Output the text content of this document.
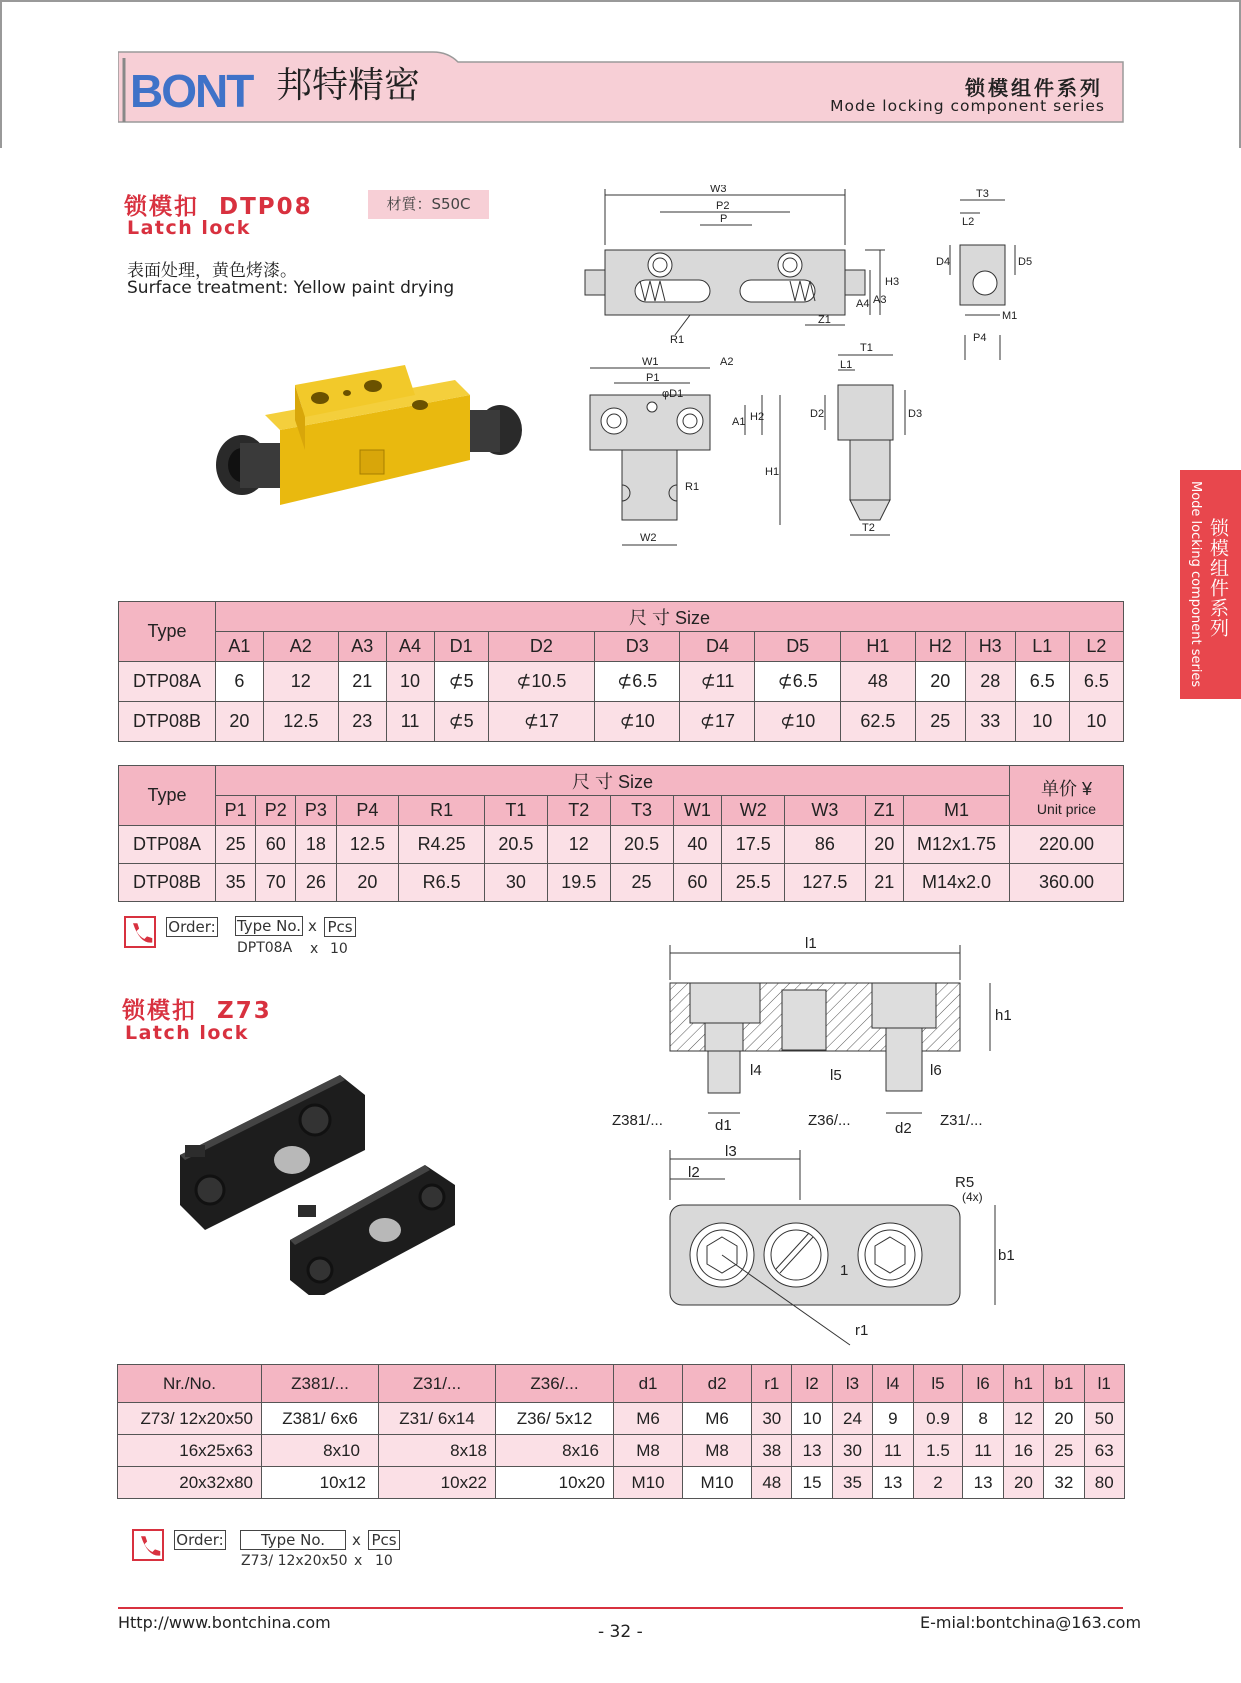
BONT 邦特精密	锁模组件系列
Mode locking component series
Mode locking component series 锁模组件系列
锁模扣 DTP08
Latch lock
材質：S50C
表面处理，黄色烤漆。
Surface treatment: Yellow paint drying
W3
P2
P
H3
A3
A4
Z1
R1
T3
L2
D4	D5
M1
P4
W1
P1
φD1
A2
H2
A1
H1
R1
W2
T1
L1
D2	D3
T2
Type	尺 寸 Size													
	A1	A2	A3	A4	D1	D2	D3	D4	D5	H1	H2	H3	L1	L2
DTP08A	6	12	21	10	⊄5	⊄10.5	⊄6.5	⊄11	⊄6.5	48	20	28	6.5	6.5
DTP08B	20	12.5	23	11	⊄5	⊄17	⊄10	⊄17	⊄10	62.5	25	33	10	10
Type	尺 寸 Size													单价 ¥
Unit price

	P1	P2	P3	P4	R1	T1	T2	T3	W1	W2	W3	Z1	M1	
DTP08A	25	60	18	12.5	R4.25	20.5	12	20.5	40	17.5	86	20	M12x1.75	220.00
DTP08B	35	70	26	20	R6.5	30	19.5	25	60	25.5	127.5	21	M14x2.0	360.00
Order: Type No. x Pcs
DPT08A x 10
锁模扣 Z73
Latch lock
l1
h1
l4	l5	l6
Z381/...	d1	Z36/...	d2 Z31/...
l3
l2
R5
(4x)
b1
1
r1
Nr./No.	Z381/...	Z31/...	Z36/...	d1	d2	r1	l2	l3	l4	l5	l6	h1	b1	l1
Z73/ 12x20x50	Z381/ 6x6	Z31/ 6x14	Z36/ 5x12	M6	M6	30	10	24	9	0.9	8	12	20	50
16x25x63	8x10	8x18	8x16	M8	M8	38	13	30	11	1.5	11	16	25	63
20x32x80	10x12	10x22	10x20	M10	M10	48	15	35	13	2	13	20	32	80
Order:	Type No.	x Pcs
Z73/ 12x20x50 x 10
Http://www.bontchina.com	- 32 -	E-mial:bontchina@163.com
